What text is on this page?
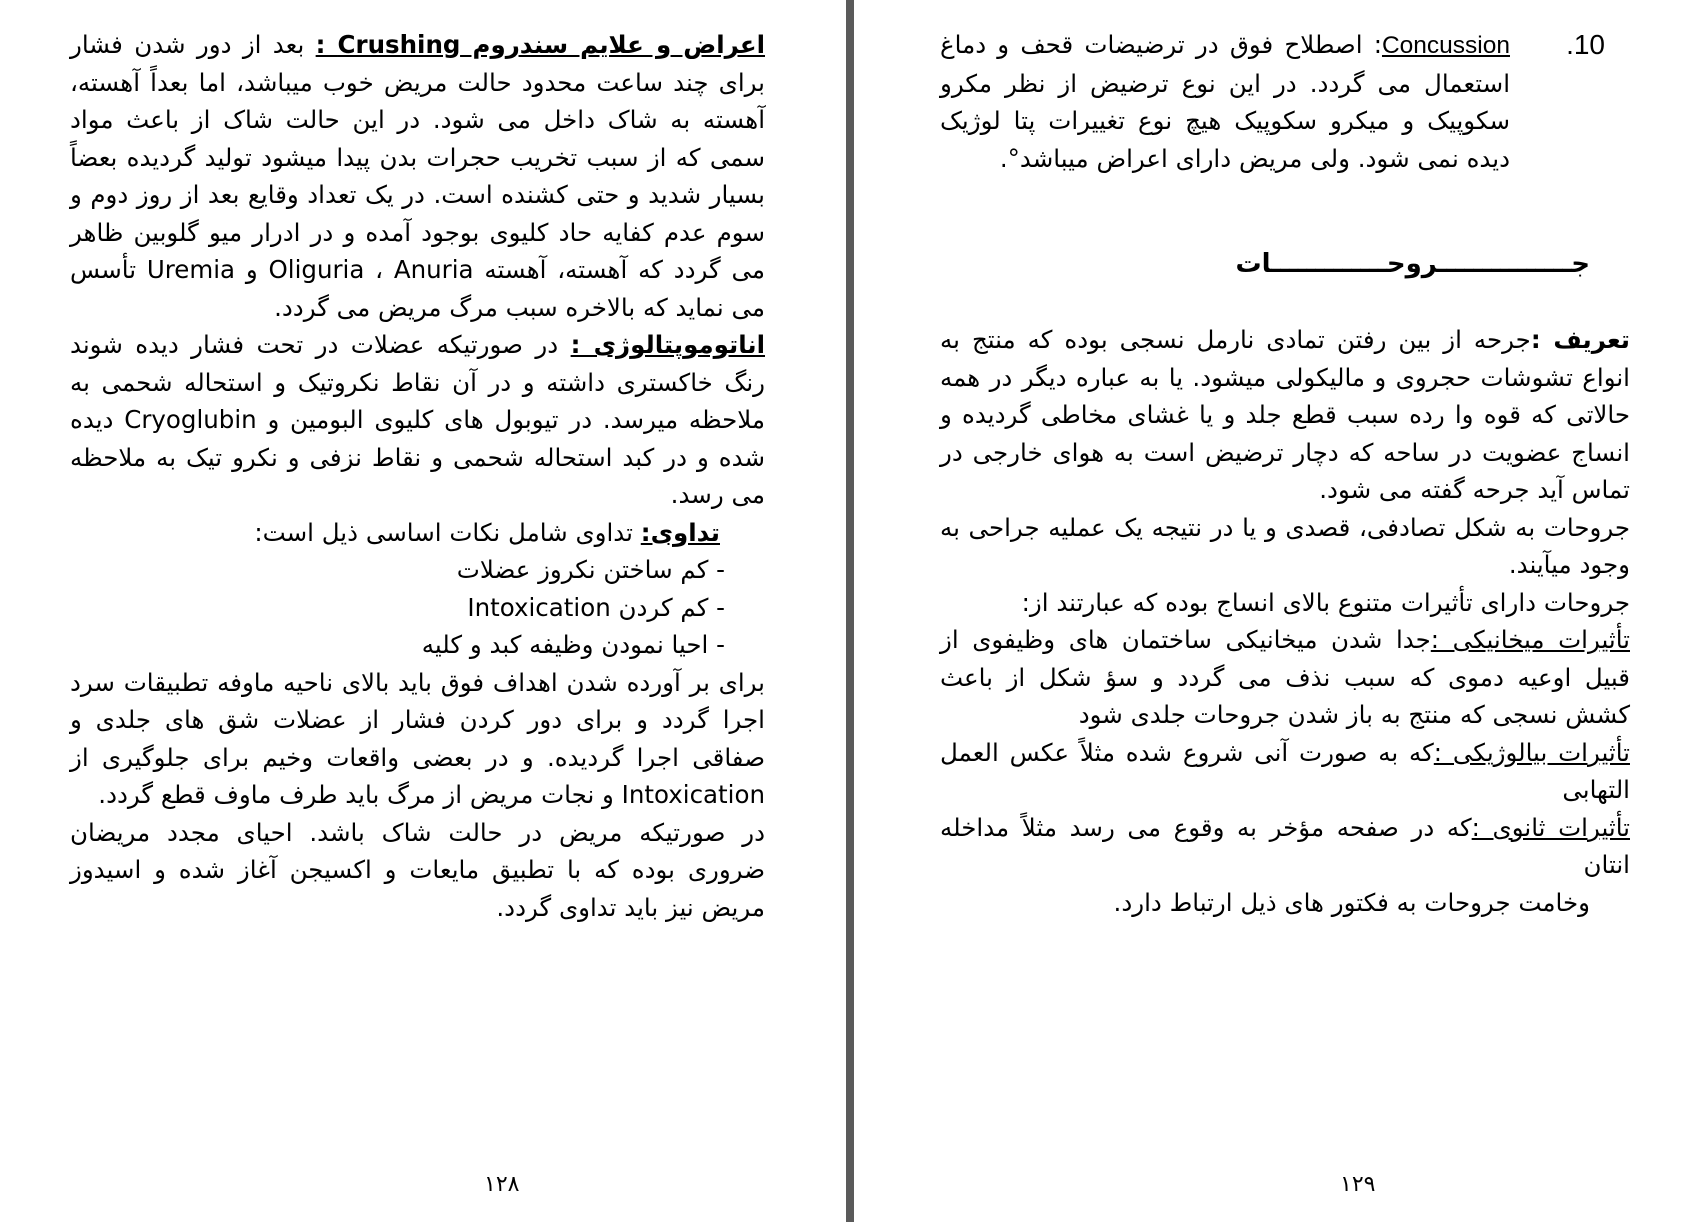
اعراض و علایم سندروم Crushing : بعد از دور شدن فشار برای چند ساعت محدود حالت مریض خوب میباشد، اما بعداً آهسته، آهسته به شاک داخل می شود. در این حالت شاک از باعث مواد سمی که از سبب تخریب حجرات بدن پیدا میشود تولید گردیده بعضاً بسیار شدید و حتی کشنده است. در یک تعداد وقایع بعد از روز دوم و سوم عدم کفایه حاد کلیوی بوجود آمده و در ادرار میو گلوبین ظاهر می گردد که آهسته، آهسته Oliguria ، Anuria و Uremia تأسس می نماید که بالاخره سبب مرگ مریض می گردد.

اناتوموپتالوژی : در صورتیکه عضلات در تحت فشار دیده شوند رنگ خاکستری داشته و در آن نقاط نکروتیک و استحاله شحمی به ملاحظه میرسد. در تیوبول های کلیوی البومین و Cryoglubin دیده شده و در کبد استحاله شحمی و نقاط نزفی و نکرو تیک به ملاحظه می رسد.

تداوی: تداوی شامل نکات اساسی ذیل است:

- کم ساختن نکروز عضلات

- کم کردن Intoxication

- احیا نمودن وظیفه کبد و کلیه

برای بر آورده شدن اهداف فوق باید بالای ناحیه ماوفه تطبیقات سرد اجرا گردد و برای دور کردن فشار از عضلات شق های جلدی و صفاقی اجرا گردیده. و در بعضی واقعات وخیم برای جلوگیری از Intoxication و نجات مریض از مرگ باید طرف ماوف قطع گردد.

در صورتیکه مریض در حالت شاک باشد. احیای مجدد مریضان ضروری بوده که با تطبیق مایعات و اکسیجن آغاز شده و اسیدوز مریض نیز باید تداوی گردد.

۱۲۸
10.
Concussion: اصطلاح فوق در ترضیضات قحف و دماغ استعمال می گردد. در این نوع ترضیض از نظر مکرو سکوپیک و میکرو سکوپیک هیچ نوع تغییرات پتا لوژیک دیده نمی شود. ولی مریض دارای اعراض میباشد°.
جـــــــــــــــروحـــــــــــــات

تعریف :جرحه از بین رفتن تمادی نارمل نسجی بوده که منتج به انواع تشوشات حجروی و مالیکولی میشود. یا به عباره دیگر در همه حالاتی که قوه وا رده سبب قطع جلد و یا غشای مخاطی گردیده و انساج عضویت در ساحه که دچار ترضیض است به هوای خارجی در تماس آید جرحه گفته می شود.

جروحات به شکل تصادفی، قصدی و یا در نتیجه یک عملیه جراحی به وجود میآیند.

جروحات دارای تأثیرات متنوع بالای انساج بوده که عبارتند از:

تأثیرات میخانیکی :جدا شدن میخانیکی ساختمان های وظیفوی از قبیل اوعیه دموی که سبب نذف می گردد و سؤ شکل از باعث کشش نسجی که منتج به باز شدن جروحات جلدی شود

تأثیرات بیالوژیکی :که به صورت آنی شروع شده مثلاً عکس العمل التهابی

تأثیرات ثانوی :که در صفحه مؤخر به وقوع می رسد مثلاً مداخله انتان

وخامت جروحات به فکتور های ذیل ارتباط دارد.

۱۲۹
